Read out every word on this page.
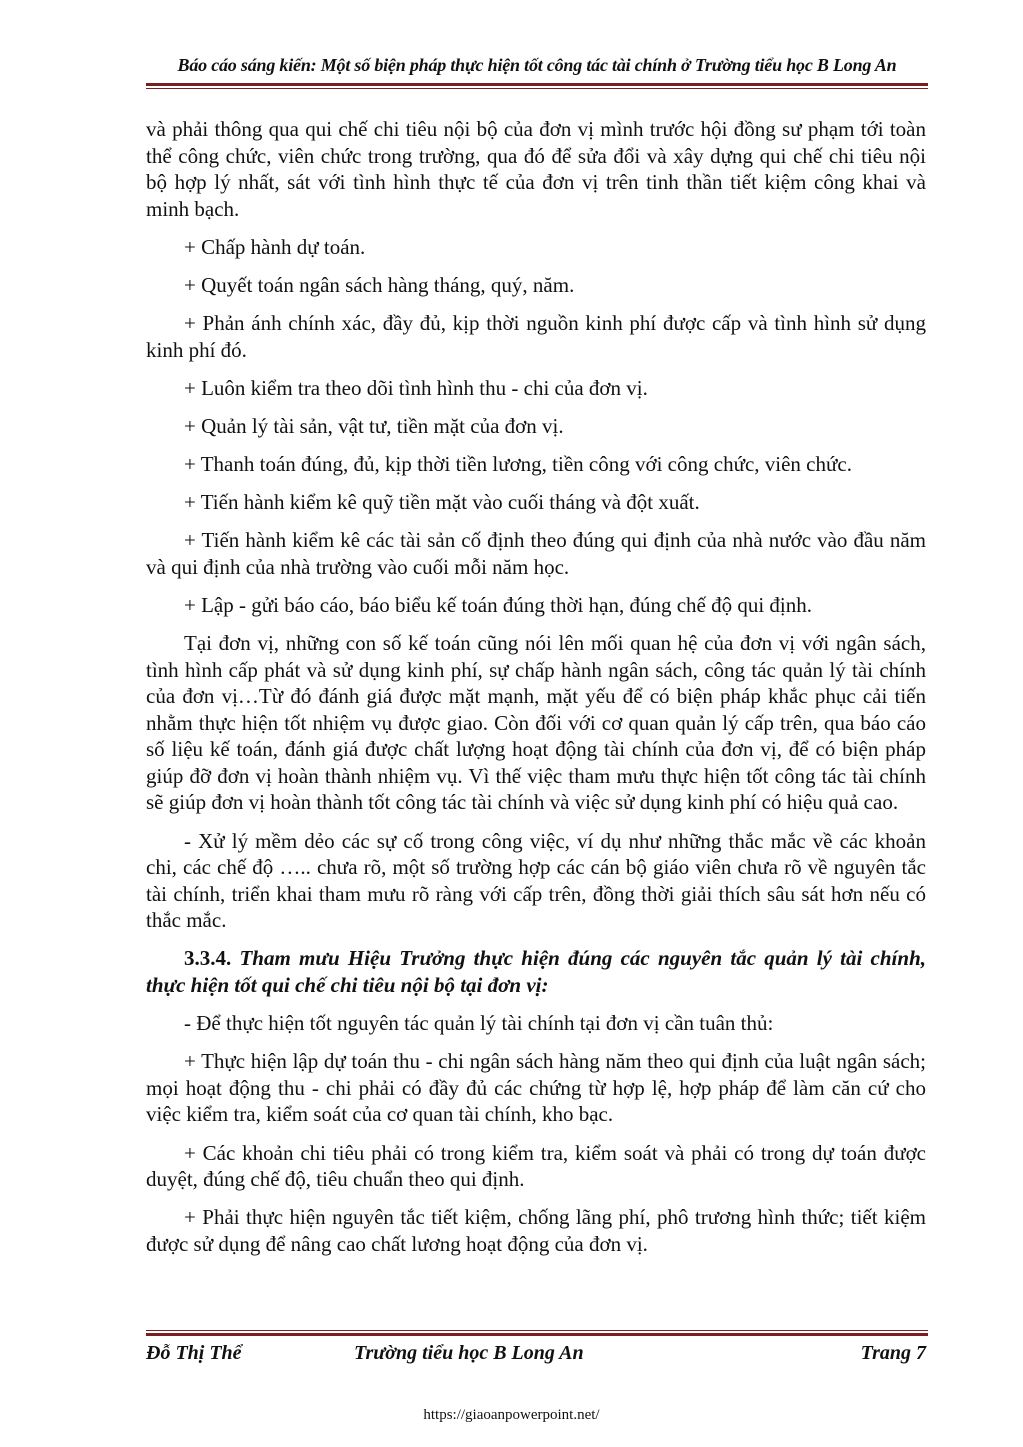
Báo cáo sáng kiến: Một số biện pháp thực hiện tốt công tác tài chính ở Trường tiểu học B Long An

và phải thông qua qui chế chi tiêu nội bộ của đơn vị mình trước hội đồng sư phạm tới toàn thể công chức, viên chức trong trường, qua đó để sửa đổi và xây dựng qui chế chi tiêu nội bộ hợp lý nhất, sát với tình hình thực tế của đơn vị trên tinh thần tiết kiệm công khai và minh bạch.

+ Chấp hành dự toán.

+ Quyết toán ngân sách hàng tháng, quý, năm.

+ Phản ánh chính xác, đầy đủ, kịp thời nguồn kinh phí được cấp và tình hình sử dụng kinh phí đó.

+ Luôn kiểm tra theo dõi tình hình thu - chi của đơn vị.

+ Quản lý tài sản, vật tư, tiền mặt của đơn vị.

+ Thanh toán đúng, đủ, kịp thời tiền lương, tiền công với công chức, viên chức.

+ Tiến hành kiểm kê quỹ tiền mặt vào cuối tháng và đột xuất.

+ Tiến hành kiểm kê các tài sản cố định theo đúng qui định của nhà nước vào đầu năm và qui định của nhà trường vào cuối mỗi năm học.

+ Lập - gửi báo cáo, báo biểu kế toán đúng thời hạn, đúng chế độ qui định.

Tại đơn vị, những con số kế toán cũng nói lên mối quan hệ của đơn vị với ngân sách, tình hình cấp phát và sử dụng kinh phí, sự chấp hành ngân sách, công tác quản lý tài chính của đơn vị…Từ đó đánh giá được mặt mạnh, mặt yếu để có biện pháp khắc phục cải tiến nhằm thực hiện tốt nhiệm vụ được giao. Còn đối với cơ quan quản lý cấp trên, qua báo cáo số liệu kế toán, đánh giá được chất lượng hoạt động tài chính của đơn vị, để có biện pháp giúp đỡ đơn vị hoàn thành nhiệm vụ. Vì thế việc tham mưu thực hiện tốt công tác tài chính sẽ giúp đơn vị hoàn thành tốt công tác tài chính và việc sử dụng kinh phí có hiệu quả cao.

- Xử lý mềm dẻo các sự cố trong công việc, ví dụ như những thắc mắc về các khoản chi, các chế độ ….. chưa rõ, một số trường hợp các cán bộ giáo viên chưa rõ về nguyên tắc tài chính, triển khai tham mưu rõ ràng với cấp trên, đồng thời giải thích sâu sát hơn nếu có thắc mắc.

3.3.4. Tham mưu Hiệu Trưởng thực hiện đúng các nguyên tắc quản lý tài chính, thực hiện tốt qui chế chi tiêu nội bộ tại đơn vị:

- Để thực hiện tốt nguyên tác quản lý tài chính tại đơn vị cần tuân thủ:

+ Thực hiện lập dự toán thu - chi ngân sách hàng năm theo qui định của luật ngân sách; mọi hoạt động thu - chi phải có đầy đủ các chứng từ hợp lệ, hợp pháp để làm căn cứ cho việc kiểm tra, kiểm soát của cơ quan tài chính, kho bạc.

+ Các khoản chi tiêu phải có trong kiểm tra, kiểm soát và phải có trong dự toán được duyệt, đúng chế độ, tiêu chuẩn theo qui định.

+ Phải thực hiện nguyên tắc tiết kiệm, chống lãng phí, phô trương hình thức; tiết kiệm được sử dụng để nâng cao chất lương hoạt động của đơn vị.

Đỗ Thị Thể	Trường tiểu học B Long An	Trang 7
https://giaoanpowerpoint.net/
